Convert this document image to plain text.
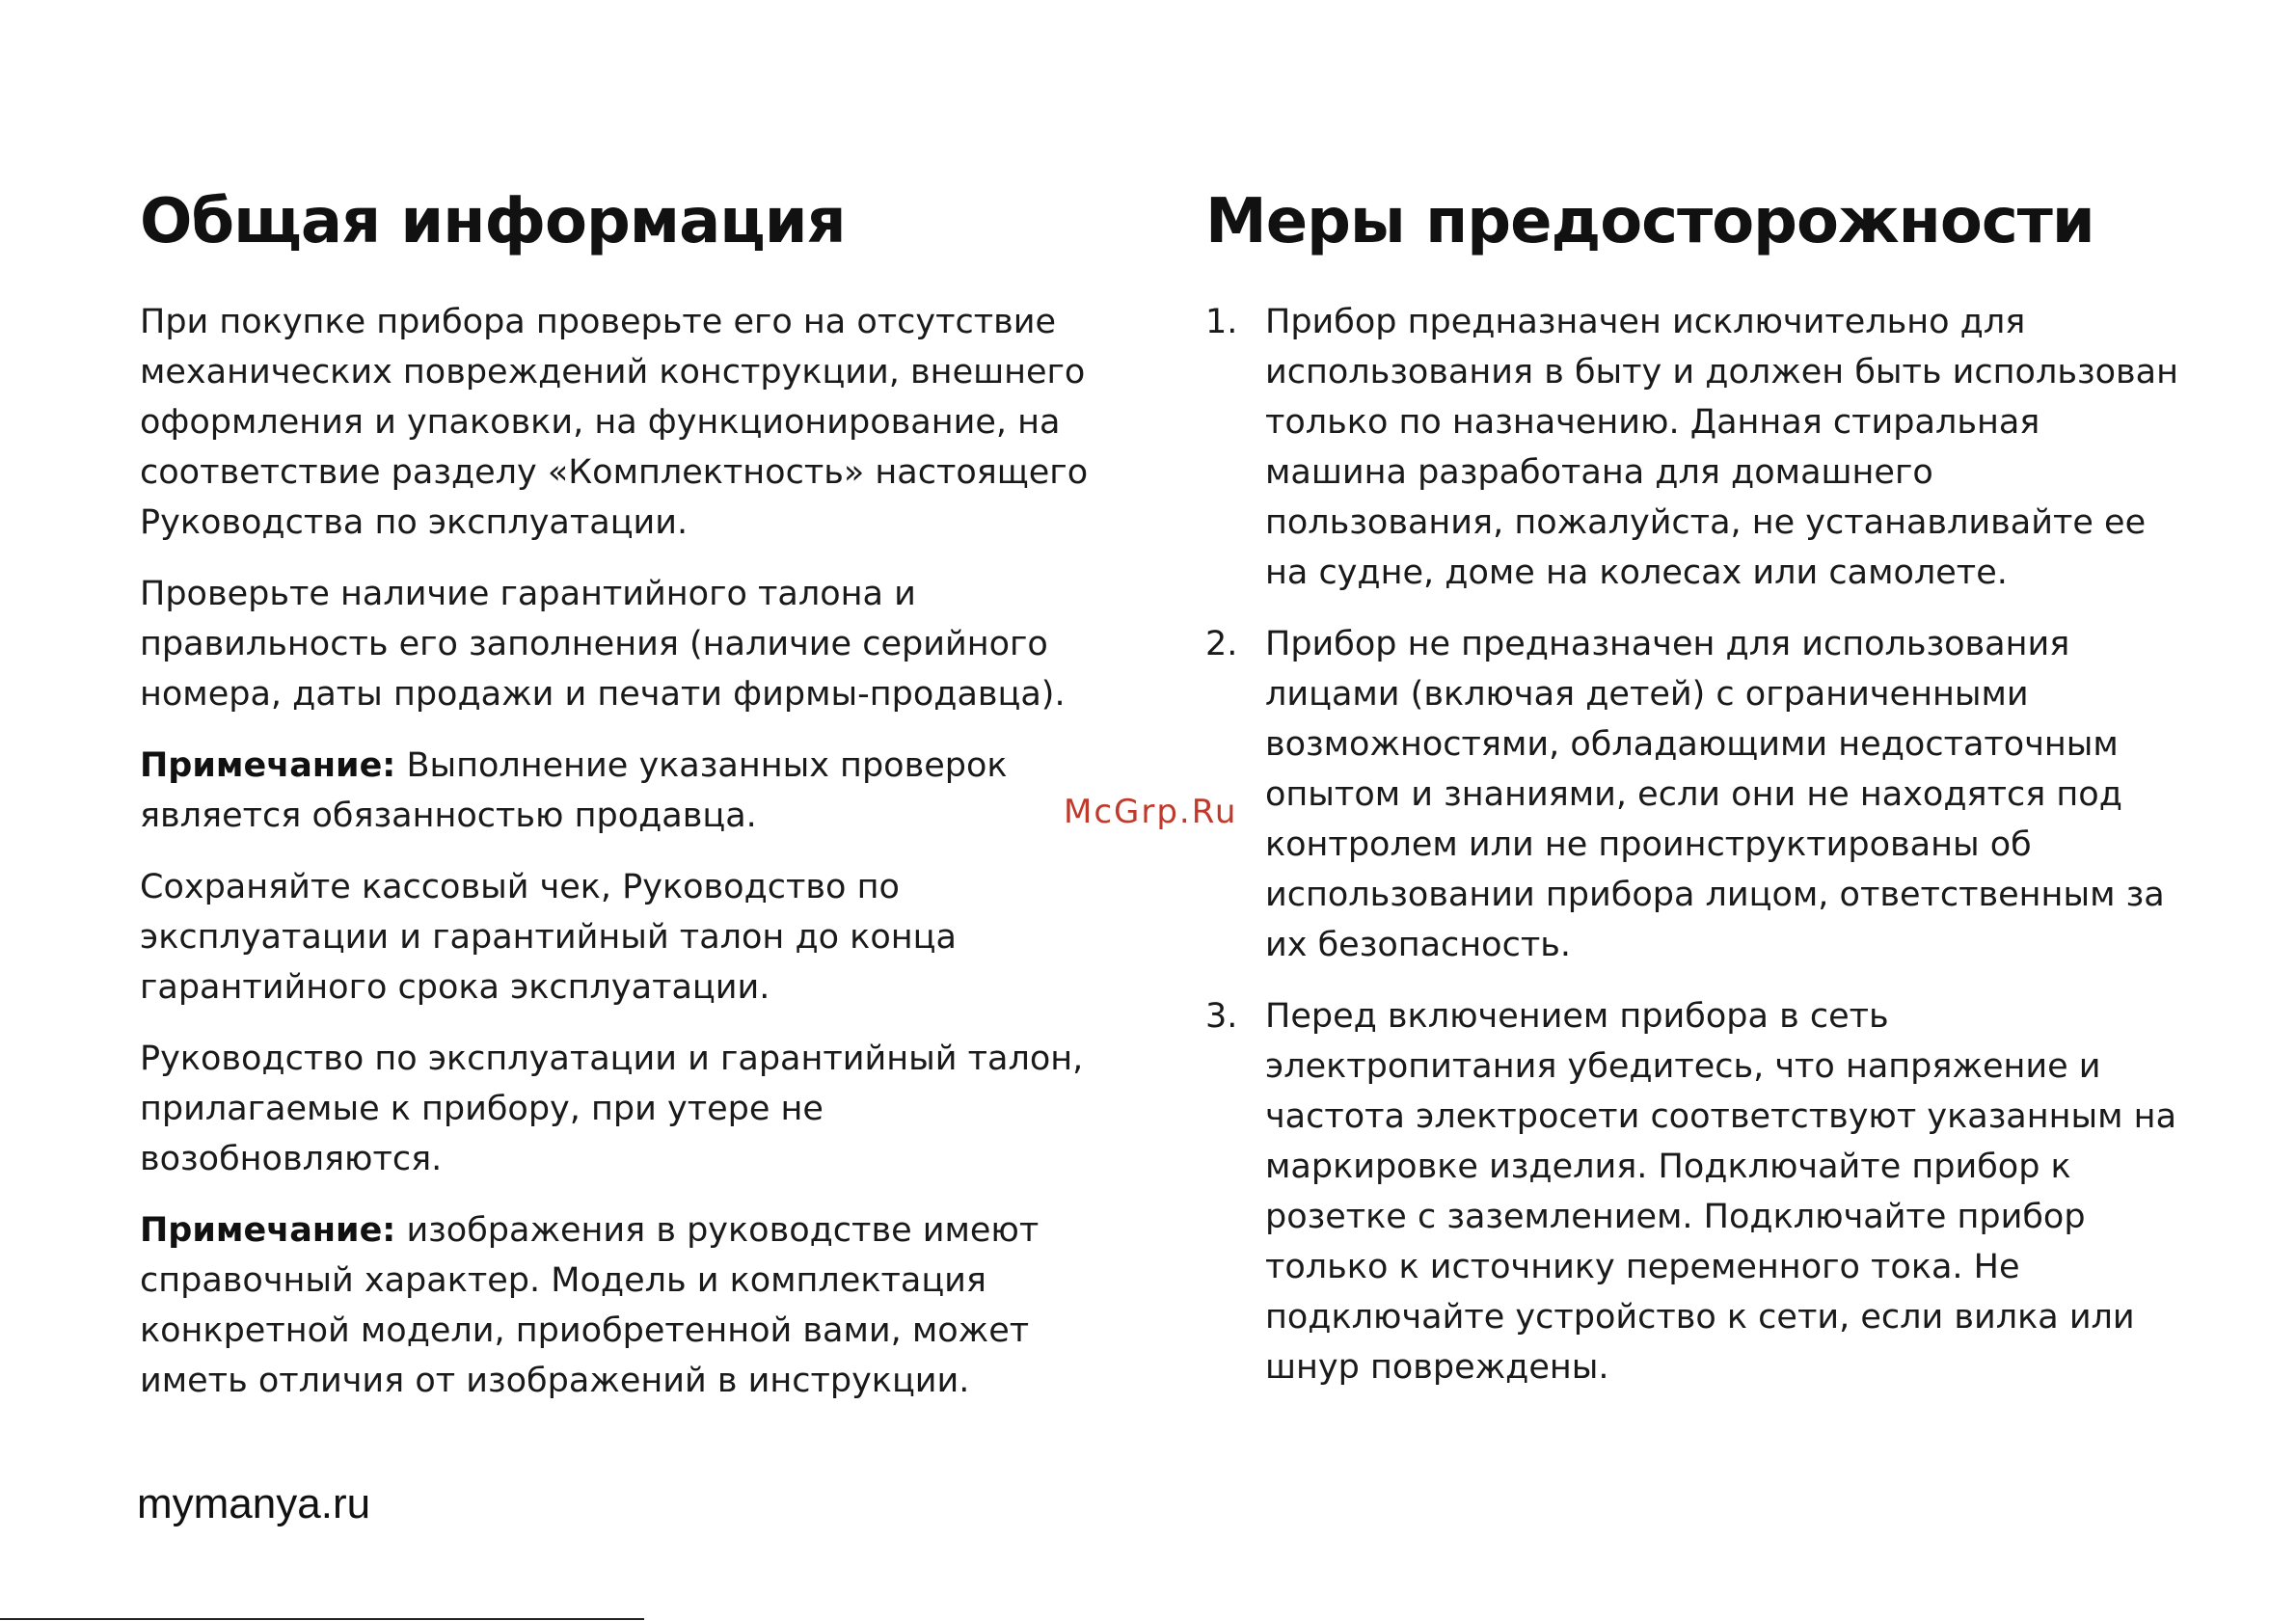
Общая информация

При покупке прибора проверьте его на отсутствие механических повреждений конструкции, внешнего оформления и упаковки, на функционирование, на соответствие разделу «Комплектность» настоящего Руководства по эксплуатации.

Проверьте наличие гарантийного талона и правильность его заполнения (наличие серийного номера, даты продажи и печати фирмы-продавца).

Примечание: Выполнение указанных проверок является обязанностью продавца.

Сохраняйте кассовый чек, Руководство по эксплуатации и гарантийный талон до конца гарантийного срока эксплуатации.

Руководство по эксплуатации и гарантийный талон, прилагаемые к прибору, при утере не возобновляются.

Примечание: изображения в руководстве имеют справочный характер. Модель и комплектация конкретной модели, приобретенной вами, может иметь отличия от изображений в инструкции.

Меры предосторожности
1. Прибор предназначен исключительно для использования в быту и должен быть использован только по назначению. Данная стиральная машина разработана для домашнего пользования, пожалуйста, не устанавливайте ее на судне, доме на колесах или самолете.
2. Прибор не предназначен для использования лицами (включая детей) с ограниченными возможностями, обладающими недостаточным опытом и знаниями, если они не находятся под контролем или не проинструктированы об использовании прибора лицом, ответственным за их безопасность.
3. Перед включением прибора в сеть электропитания убедитесь, что напряжение и частота электросети соответствуют указанным на маркировке изделия. Подключайте прибор к розетке с заземлением. Подключайте прибор только к источнику переменного тока. Не подключайте устройство к сети, если вилка или шнур повреждены.
McGrp.Ru
mymanya.ru
